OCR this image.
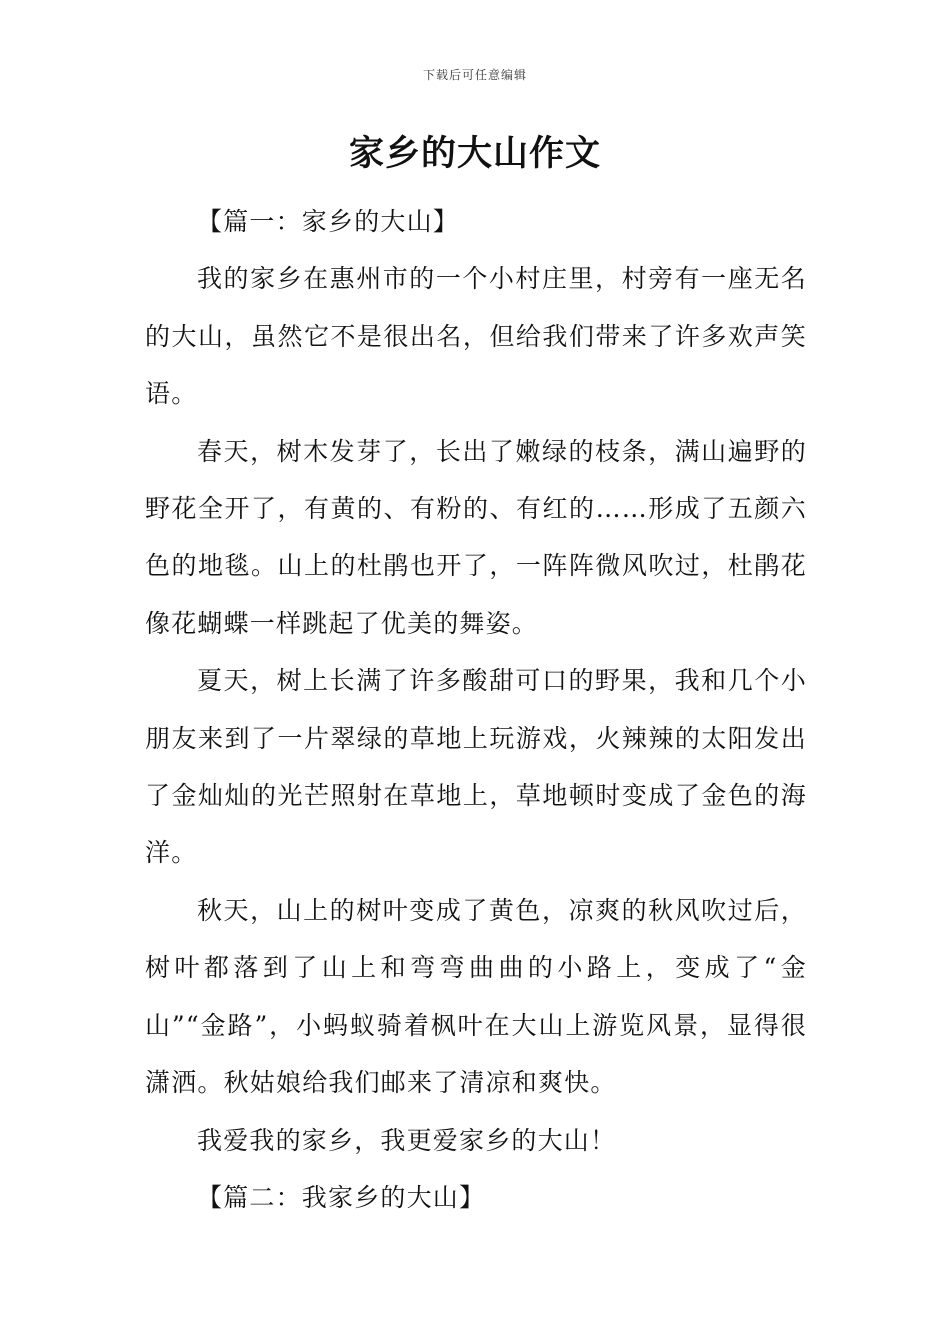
下载后可任意编辑
家乡的大山作文
【篇一：家乡的大山】

我的家乡在惠州市的一个小村庄里，村旁有一座无名的大山，虽然它不是很出名，但给我们带来了许多欢声笑语。

春天，树木发芽了，长出了嫩绿的枝条，满山遍野的野花全开了，有黄的、有粉的、有红的……形成了五颜六色的地毯。山上的杜鹃也开了，一阵阵微风吹过，杜鹃花像花蝴蝶一样跳起了优美的舞姿。

夏天，树上长满了许多酸甜可口的野果，我和几个小朋友来到了一片翠绿的草地上玩游戏，火辣辣的太阳发出了金灿灿的光芒照射在草地上，草地顿时变成了金色的海洋。

秋天，山上的树叶变成了黄色，凉爽的秋风吹过后，树叶都落到了山上和弯弯曲曲的小路上，变成了“金山”“金路”，小蚂蚁骑着枫叶在大山上游览风景，显得很潇洒。秋姑娘给我们邮来了清凉和爽快。

我爱我的家乡，我更爱家乡的大山！

【篇二：我家乡的大山】
